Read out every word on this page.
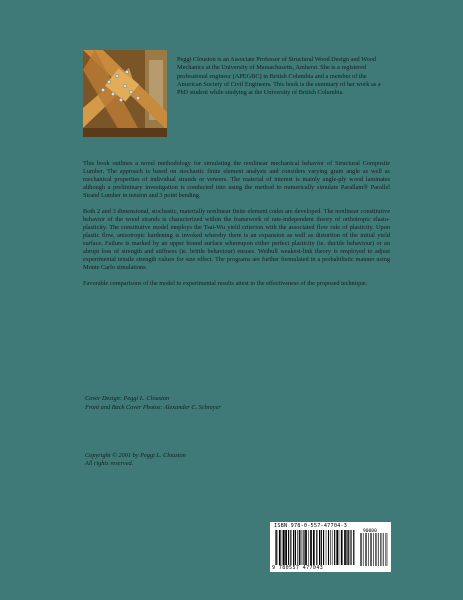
Peggi Clouston is an Associate Professor of Structural Wood Design and Wood Mechanics at the University of Massachusetts, Amherst. She is a registered professional engineer (APEGBC) in British Columbia and a member of the American Society of Civil Engineers. This book is the summary of her work as a PhD student while studying at the University of British Columbia.

This book outlines a novel methodology for simulating the nonlinear mechanical behavior of Structural Composite Lumber. The approach is based on stochastic finite element analysis and considers varying grain angle as well as mechanical properties of individual strands or veneers. The material of interest is mainly angle-ply wood laminates although a preliminary investigation is conducted into using the method to numerically simulate Parallam® Parallel Strand Lumber in tension and 3 point bending.

Both 2 and 3 dimensional, stochastic, materially nonlinear finite element codes are developed. The nonlinear constitutive behavior of the wood strands is characterized within the framework of rate-independent theory of orthotropic elasto-plasticity. The constitutive model employs the Tsai-Wu yield criterion with the associated flow rule of plasticity. Upon plastic flow, anisotropic hardening is invoked whereby there is an expansion as well as distortion of the initial yield surface. Failure is marked by an upper bound surface whereupon either perfect plasticity (ie. ductile behaviour) or an abrupt loss of strength and stiffness (ie. brittle behaviour) ensues. Weibull weakest-link theory is employed to adjust experimental tensile strength values for size effect. The programs are further formulated in a probabilistic manner using Monte Carlo simulations.

Favorable comparisons of the model to experimental results attest to the effectiveness of the proposed technique.

Cover Design: Peggi L. Clouston
Front and Back Cover Photos: Alexander C. Schreyer
Copyright © 2001 by Peggi L. Clouston
All rights reserved.
ISBN 978-0-557-47704-3
90000
9 780557 477043
